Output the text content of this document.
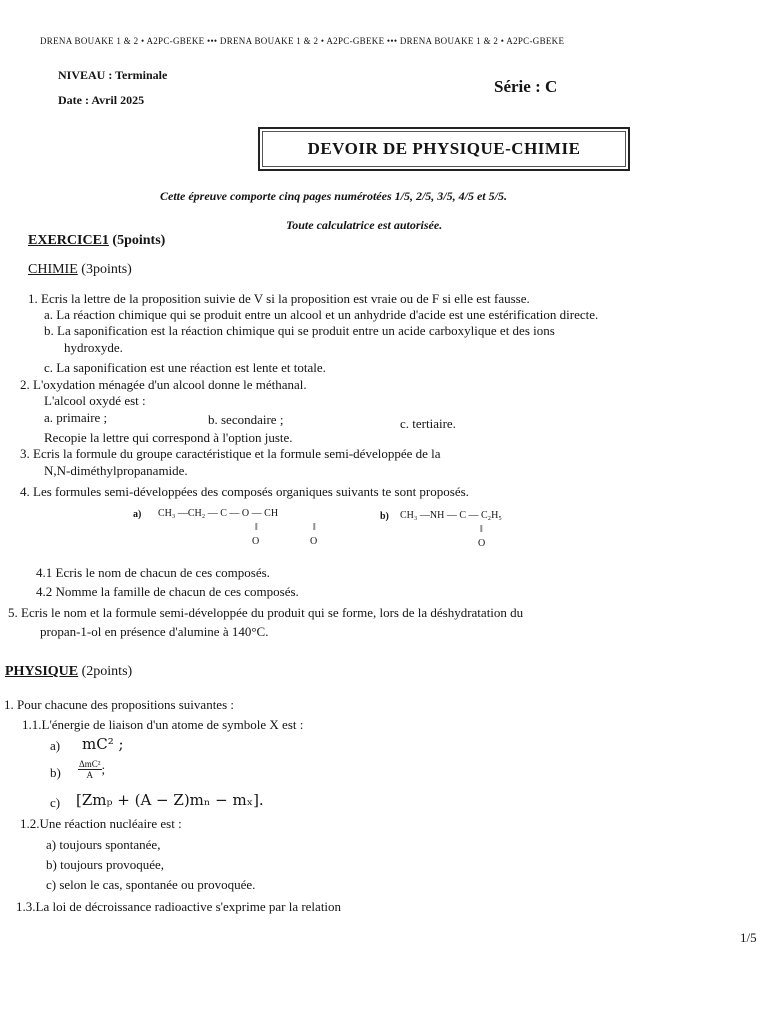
DRENA BOUAKE 1 & 2 • A2PC-GBEKE ••• DRENA BOUAKE 1 & 2 • A2PC-GBEKE ••• DRENA BOUAKE 1 & 2 • A2PC-GBEKE
NIVEAU : Terminale
Date : Avril 2025
Série : C
DEVOIR DE PHYSIQUE-CHIMIE
Cette épreuve comporte cinq pages numérotées 1/5, 2/5, 3/5, 4/5 et 5/5.
Toute calculatrice est autorisée.
EXERCICE1 (5points)
CHIMIE (3points)
1. Ecris la lettre de la proposition suivie de V si la proposition est vraie ou de F si elle est fausse.
a. La réaction chimique qui se produit entre un alcool et un anhydride d'acide est une estérification directe.
b. La saponification est la réaction chimique qui se produit entre un acide carboxylique et des ions
hydroxyde.
c. La saponification est une réaction est lente et totale.
2. L'oxydation ménagée d'un alcool donne le méthanal.
L'alcool oxydé est :
a. primaire ;	b. secondaire ;	c. tertiaire.
Recopie la lettre qui correspond à l'option juste.
3. Ecris la formule du groupe caractéristique et la formule semi-développée de la
N,N-diméthylpropanamide.
4. Les formules semi-développées des composés organiques suivants te sont proposés.
a) CH₃ —CH₂ — C — O — CH
‖	‖
O	O
b) CH₃ —NH — C — C₂H₅
‖
O
4.1 Ecris le nom de chacun de ces composés.
4.2 Nomme la famille de chacun de ces composés.
5. Ecris le nom et la formule semi-développée du produit qui se forme, lors de la déshydratation du
propan-1-ol en présence d'alumine à 140°C.
PHYSIQUE (2points)
1. Pour chacune des propositions suivantes :
1.1.L'énergie de liaison d'un atome de symbole X est :
a) mC² ;
$b) \frac{\text{ΔmC²}}{A}$ ;
c) [Zmₚ + (A − Z)mₙ − mₓ].
1.2.Une réaction nucléaire est :
a) toujours spontanée,
b) toujours provoquée,
c) selon le cas, spontanée ou provoquée.
1.3.La loi de décroissance radioactive s'exprime par la relation
1/5
